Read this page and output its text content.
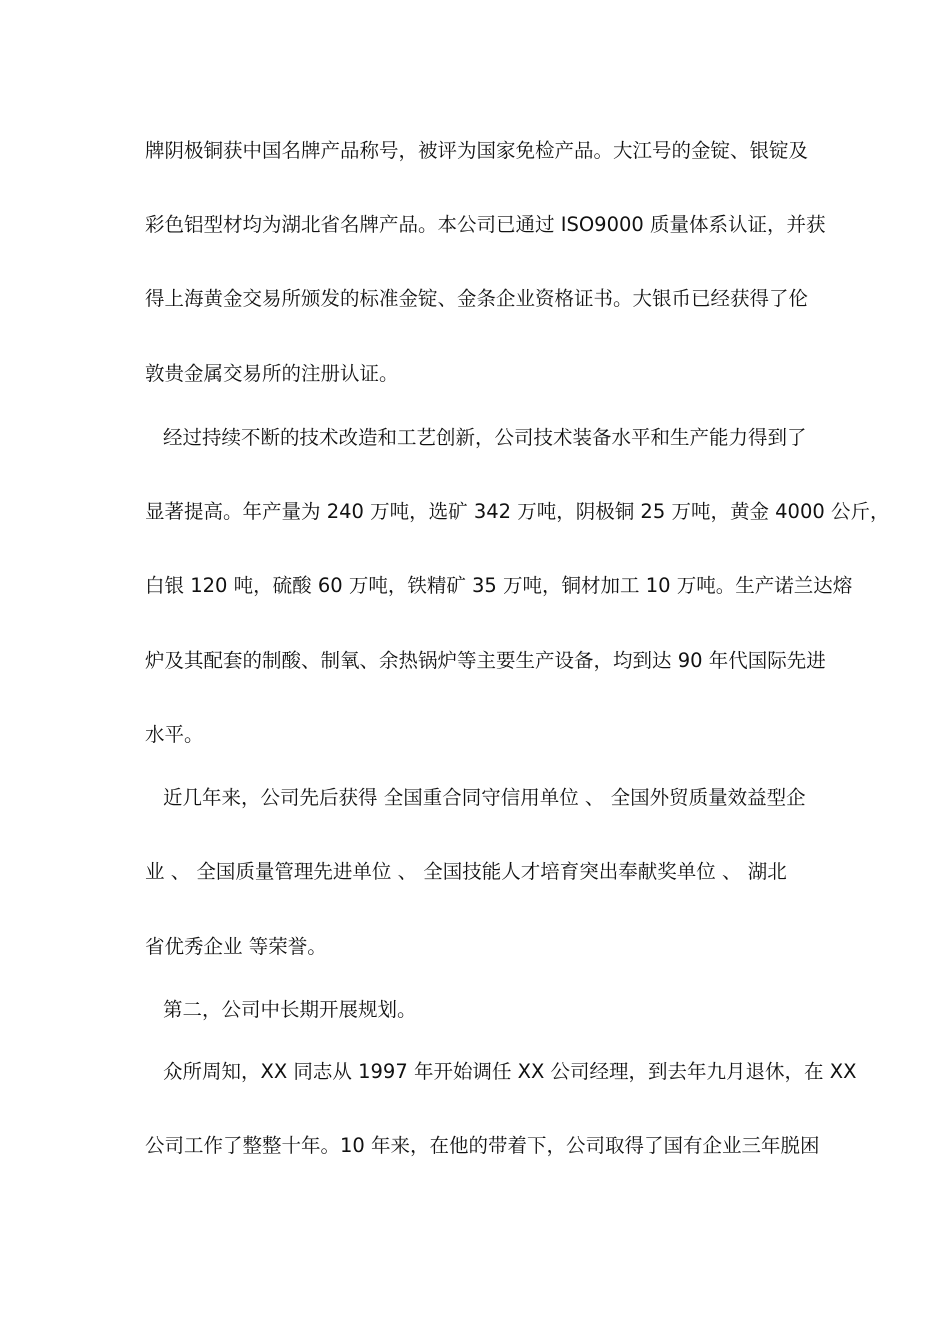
牌阴极铜获中国名牌产品称号，被评为国家免检产品。大江号的金锭、银锭及
彩色铝型材均为湖北省名牌产品。本公司已通过 ISO9000 质量体系认证，并获
得上海黄金交易所颁发的标准金锭、金条企业资格证书。大银币已经获得了伦
敦贵金属交易所的注册认证。
经过持续不断的技术改造和工艺创新，公司技术装备水平和生产能力得到了
显著提高。年产量为 240 万吨，选矿 342 万吨，阴极铜 25 万吨，黄金 4000 公斤，
白银 120 吨，硫酸 60 万吨，铁精矿 35 万吨，铜材加工 10 万吨。生产诺兰达熔
炉及其配套的制酸、制氧、余热锅炉等主要生产设备，均到达 90 年代国际先进
水平。
近几年来，公司先后获得 全国重合同守信用单位 、 全国外贸质量效益型企
业 、 全国质量管理先进单位 、 全国技能人才培育突出奉献奖单位 、 湖北
省优秀企业 等荣誉。
第二，公司中长期开展规划。
众所周知，XX 同志从 1997 年开始调任 XX 公司经理，到去年九月退休，在 XX
公司工作了整整十年。10 年来，在他的带着下，公司取得了国有企业三年脱困
